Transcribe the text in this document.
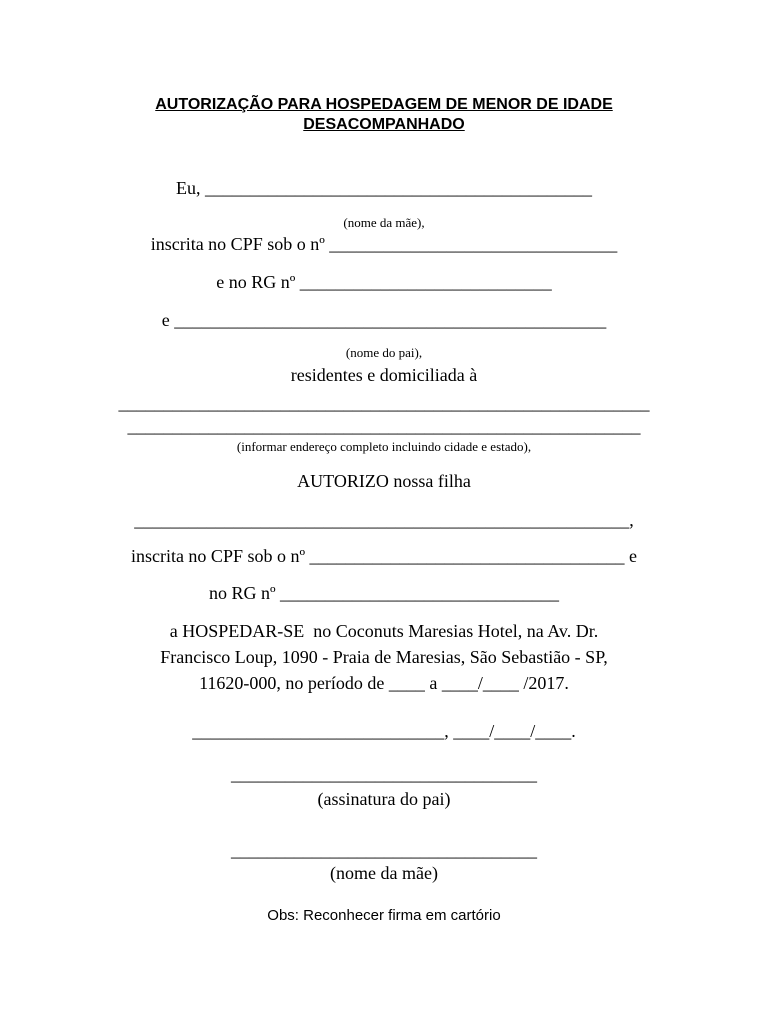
AUTORIZAÇÃO PARA HOSPEDAGEM DE MENOR DE IDADE
DESACOMPANHADO
Eu, ___________________________________________
(nome da mãe),
inscrita no CPF sob o nº ________________________________
e no RG nº ____________________________
e ________________________________________________
(nome do pai),
residentes e domiciliada à
___________________________________________________________
_________________________________________________________
(informar endereço completo incluindo cidade e estado),
AUTORIZO nossa filha
_______________________________________________________,
inscrita no CPF sob o nº ___________________________________ e
no RG nº _______________________________
a HOSPEDAR-SE  no Coconuts Maresias Hotel, na Av. Dr.
Francisco Loup, 1090 - Praia de Maresias, São Sebastião - SP,
11620-000, no período de ____ a ____/____ /2017.
____________________________, ____/____/____.
__________________________________
(assinatura do pai)
__________________________________
(nome da mãe)
Obs: Reconhecer firma em cartório
